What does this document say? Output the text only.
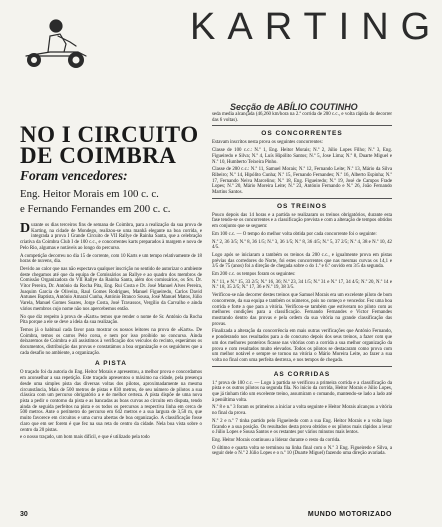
KARTING
Secção de ABÍLIO COUTINHO
NO I CIRCUITO
DE COIMBRA
Foram vencedores:

Eng. Heitor Morais em 100 c. c.

e Fernando Fernandes em 200 c. c.

Durante os dias terceiros fins de semana de Coimbra, para a realização da sua prova de Karting, na cidade de Mondego, realizou-se uma manhã elegante na boa corrida, e integrada a prova I Grande Circuito de VII Rallye de Rainha Santa, que a celebração criativa da Coimbra Club I de 100 c.c., e concorrentes karts preparados à margem e nova de Pelo Rio, algumas e notáveis ao longo do percurso.

A competição decorreu no dia 15 de corrente, com 10 Karts e um tempo relativamente de 18 horas de nuvens, dia.

Devido ao calor que nas não espectava qualquer inscrição no sentido de autorizar o ambiente deste chegamos até que da equipa de Comissários ao Rallye e ao quadro dos membros de Comissão Organizadora do VII Rallye da Rainha Santa, além dos comissários, os Srs. Dr. Vítor Pereira, Dr. António da Rocha Pita, Eng. Rui Costa e Dr. José Manuel Alves Pereira, Joaquim Garcia de Oliveira, Raul Gomes Rodrigues, Manuel Figueiredo, Carlos David Antunes Baptista, António Amaral Cunha, António Branco Sousa, José Manuel Matos, Júlio Varela, Manuel Gomes Soares, Jorge Costa, José Travassos, Vergílio da Carvalho e ainda vários membros cujo nome não nos apercebemos então.

No que diz respeito à prova de «Karts» temos que render o nome de Sr. António da Rocha Pita porque a ele se deve a ideia da sua realização.

Temos já o habitual cada favor para mostrar os nossos leitores na prova de «Karts». De Coimbra, temos os carros Pelo corsa, e nem por isso proibido no concurso. Ainda deixaremos de Coimbra e ali assistimos à verificação dos veículos do recinto, esperámos os documentos, distribuição das provas e constatámos a boa organização e os seguidores que a cada desafio no ambiente, a organização.

A PISTA

O traçado foi da autoria do Eng. Heitor Morais e apresentou, a melhor prova e concordamos em aconselhar a sua repetição. Este traçado apresentou o máximo na cidade, pela presença desde uma simples pista das diversas voltas dos pilotos, aproximadamente na mesma circunstância, Mais de 500 metros de pistas e 830 metros, de seu número de pilotos a sua clássica com um percurso obrigatório a e de melhor certeza. A pista dispõe de uma nova pista a pedir o contorno da pista e as bancadas as boas curvas ao circuito em disputa, tendo ainda de seguida perfeitos na pista e os todos os percursos a respectiva linha em cerca de 500 metros. Ante o perímetro do percurso em 642 metros e a sua largura de 3,50 m, que muito favorece em circuitos e uma curva abertas de boa organização. A classificação fosse claro que em ser forem é que fez na sua reta do centro da cidade. Nela boa vista sobre o centro da 20 pistas.

e o nosso traçado, um bom mais difícil, e que é utilizado pela todo

seda media alcançada (46,260 km/hora na 2.ª corrida de 200 c.c., e volta rápida do decorrer das 6 voltas).

OS CONCORRENTES

Estavam inscritos nesta prova os seguintes concorrentes:

Classe de 100 c.c.: N.º 1, Eng. Heitor Morais; N.º 2, Júlio Lopes Filho; N.º 3, Eng. Figueiredo e Silva; N.º 4, Luís Hipólito Santos; N.º 5, Jose Lima; N.º 8, Duarte Miguel e N.º 10, Humberto Teixeira Pinho.

Classe de 200 c.c.: N.º 11, Samuel Morais; N.º 12, Fernando Leite; N.º 13, Mário da Silva Ribeiro; N.º 14, Hipólito Cunha; N.º 15, Fernando Fernandes; N.º 16, Alberto Espinha; N.º 17, Fernando Neiva Marcelino; N.º 18, Eng. Figueiredo; N.º 19, José de Campos Frade Lopes; N.º 20, Mário Moreira Leite; N.º 23, António Fernando e N.º 26, João Fernando Martins Santos.

OS TREINOS

Pouco depois das 14 horas e a partida se realizaram os treinos obrigatórios, durante esta fase tendo-se os concorrentes e a classificação prevista e com a alteração de tempos obtidos em conjunto que se seguem:

Em 100 c.c. — O tempo do melhor volta obtida por cada concorrente foi o seguinte:

N.º 2, 36 3/5; N.º 8, 36 1/5; N.º 3, 36 1/5; N.º 8, 36 4/5; N.º 5, 37 2/5; N.º 4, 38 e N.º 10, 42 4/5.

Logo após se iniciaram a também os treinos da 200 c.c., e igualmente prova em pistas prévias das corredores do Norte, foi estes concorrentes que nas mesmas curvas os 14,1 e 3/5 de 75 (anos) foi a direção de chegada sobre o do 1.º e 6.º ouvido em 3/5 da segunda.

Em 200 c.c. os tempos foram os seguintes:

N.º 11, e N.º 15, 33 2/5; N.º 16, 36; N.º 23, 34 1/5; N.º 31 e N.º 17, 34 4/5; N.º 20, N.º 14 e N.º 18, 35 2/5; N.º 17, 36 e N.º 19, 38 3/5.

Verificou-se não decorrer destes treinos que Samuel Morais era um excelente piloto de bom concorrente, da sua equipa e também os números, pois no começo e vencedor. Fez uma boa corrida e forte a que para a vitória. Verificou-se também que estiveram no piloto com as melhores condições para a classificação. Fernando Fernandes e Victor Fernandes mostrando dentro das provas e pela ordem da sua vitória na grande classificação das provas.

Finalizada a alteração da concorrência em mais outras verificações que António Fernando, e ponderando nos resultados para a do concurso depois dos seus treinos, a fazer com que um dos melhores ponteiros ficasse nas vitórias com a corrida a sua melhor organização da prova e com resultados muito elevados. Todos os pilotos se destacaram como prova com um melhor notável e sempre se tornou na vitória o Mário Moreira Leite, ao fazer a sua volta no final com uma perfeita destreza, e nos tempos de chegada.

AS CORRIDAS

1.ª prova de 100 c.c. — Logo à partida se verificou a primeira corrida e a classificação da pista e os outros pilotos na segunda fila. No início da corrida, Heitor Morais e Júlio Lopes, que já tinham tido um excelente treino, assumiram o comando, mantendo-se lado a lado até à penúltima volta.

N.º 8 e n.º 3 foram os primeiros a iniciar a volta seguinte e Heitor Morais alcançou a vitória no final da prova.

N.º 2 e n.º 7 tinha partido pelo Figueiredo com a sua Eng. Heitor Morais e a volta logo ficando e a sua posição. Os resultados desta prova obtidos e os pilotos mais rápidos a levar o Júlio Lopes e Sousa Santos e os restantes por vários minutos mais lentos.

Eng. Heitor Morais continuou a liderar durante o resto da corrida.

O último e quarta volta se terminou na linha final com o N.º 3 Eng. Figueiredo e Silva, a seguir dele o N.º 2 Júlio Lopes e o n.º 10 (Duarte Miguel) fazendo uma direção avariada.

30	MUNDO MOTORIZADO
